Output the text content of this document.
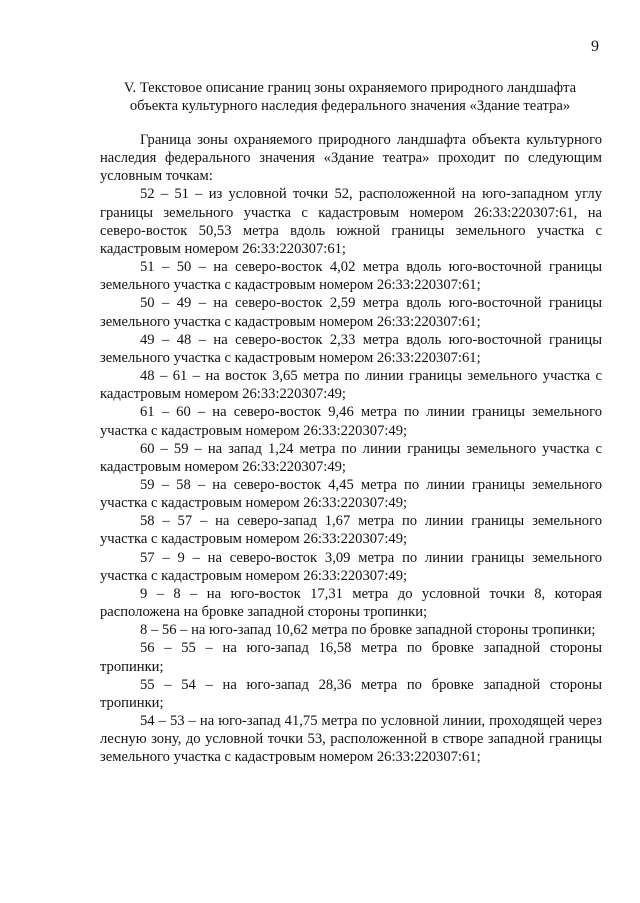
9
V. Текстовое описание границ зоны охраняемого природного ландшафта
объекта культурного наследия федерального значения «Здание театра»

Граница зоны охраняемого природного ландшафта объекта культурного наследия федерального значения «Здание театра» проходит по следующим условным точкам:

52 – 51 – из условной точки 52, расположенной на юго-западном углу границы земельного участка с кадастровым номером 26:33:220307:61, на северо-восток 50,53 метра вдоль южной границы земельного участка с кадастровым номером 26:33:220307:61;

51 – 50 – на северо-восток 4,02 метра вдоль юго-восточной границы земельного участка с кадастровым номером 26:33:220307:61;

50 – 49 – на северо-восток 2,59 метра вдоль юго-восточной границы земельного участка с кадастровым номером 26:33:220307:61;

49 – 48 – на северо-восток 2,33 метра вдоль юго-восточной границы земельного участка с кадастровым номером 26:33:220307:61;

48 – 61 – на восток 3,65 метра по линии границы земельного участка с кадастровым номером 26:33:220307:49;

61 – 60 – на северо-восток 9,46 метра по линии границы земельного участка с кадастровым номером 26:33:220307:49;

60 – 59 – на запад 1,24 метра по линии границы земельного участка с кадастровым номером 26:33:220307:49;

59 – 58 – на северо-восток 4,45 метра по линии границы земельного участка с кадастровым номером 26:33:220307:49;

58 – 57 – на северо-запад 1,67 метра по линии границы земельного участка с кадастровым номером 26:33:220307:49;

57 – 9 – на северо-восток 3,09 метра по линии границы земельного участка с кадастровым номером 26:33:220307:49;

9 – 8 – на юго-восток 17,31 метра до условной точки 8, которая расположена на бровке западной стороны тропинки;

8 – 56 – на юго-запад 10,62 метра по бровке западной стороны тропинки;

56 – 55 – на юго-запад 16,58 метра по бровке западной стороны тропинки;

55 – 54 – на юго-запад 28,36 метра по бровке западной стороны тропинки;

54 – 53 – на юго-запад 41,75 метра по условной линии, проходящей через лесную зону, до условной точки 53, расположенной в створе западной границы земельного участка с кадастровым номером 26:33:220307:61;
